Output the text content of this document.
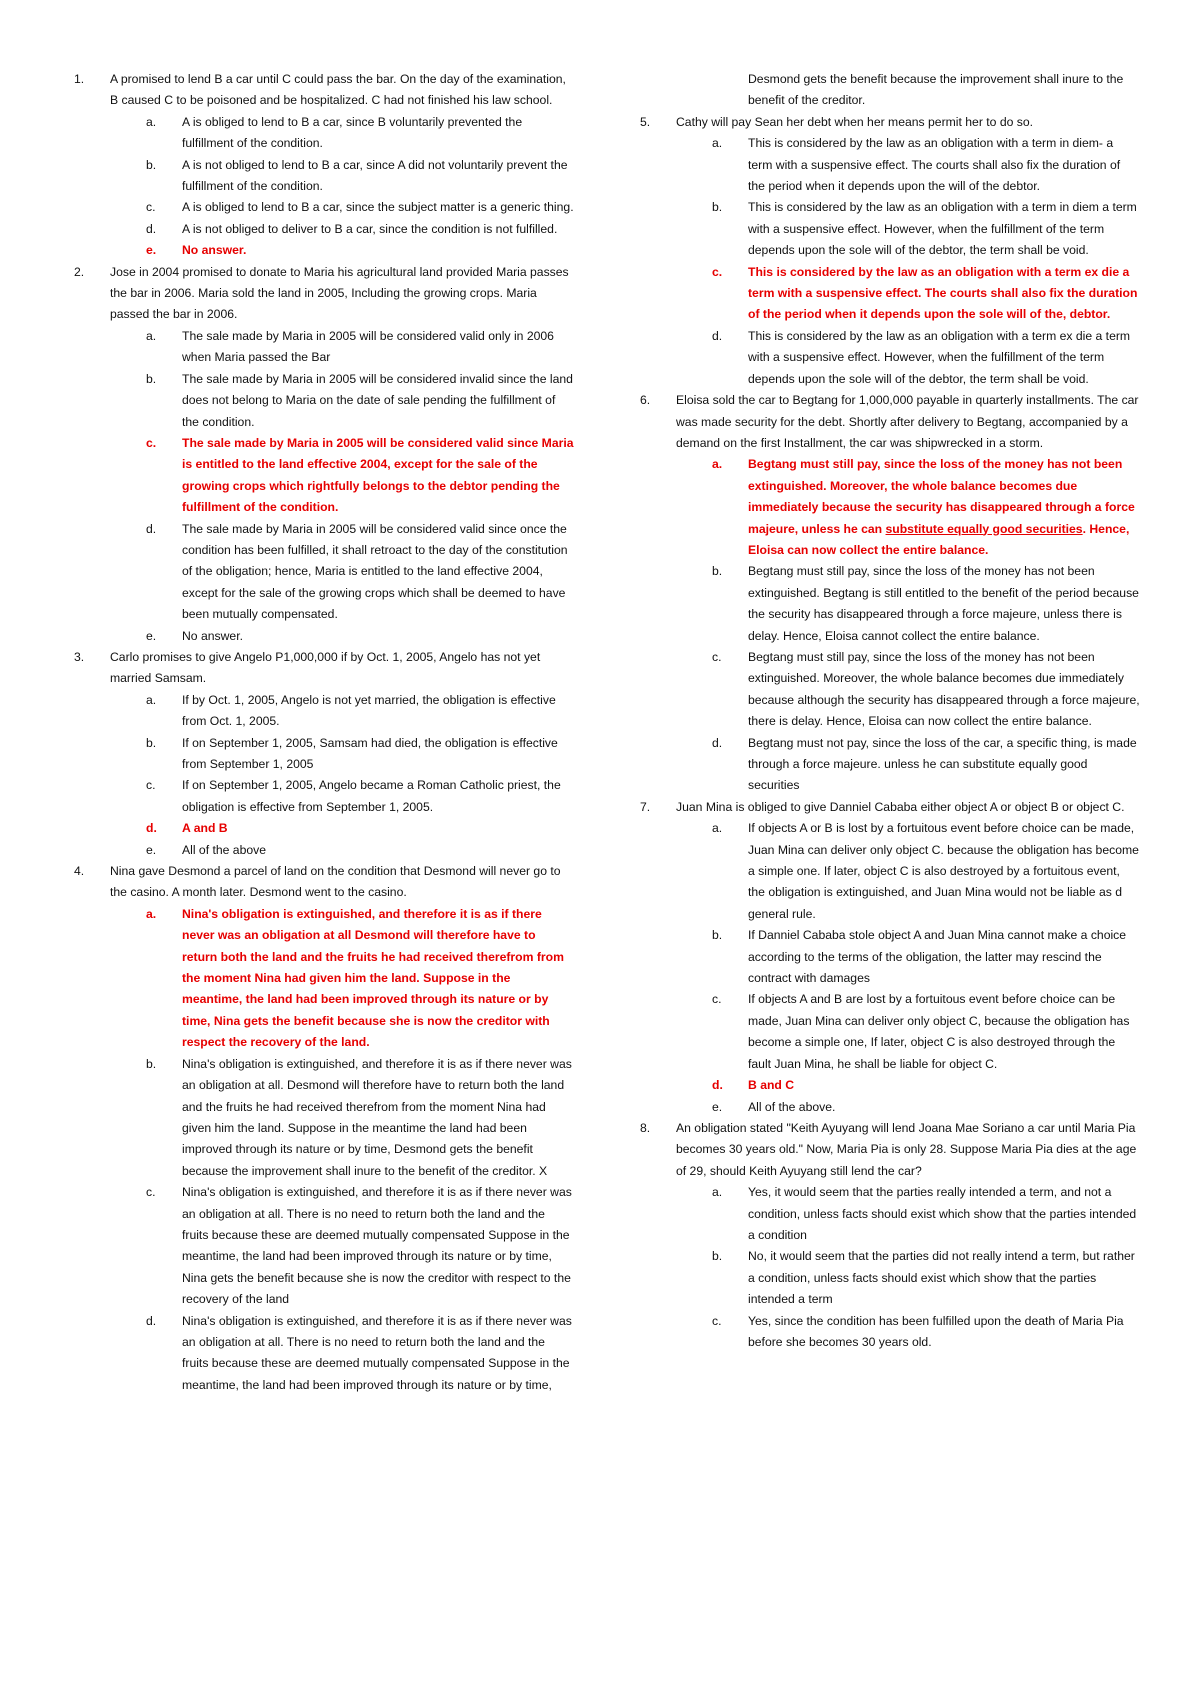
1.	A promised to lend B a car until C could pass the bar. On the day of the examination, B caused C to be poisoned and be hospitalized. C had not finished his law school.
a.	A is obliged to lend to B a car, since B voluntarily prevented the fulfillment of the condition.
b.	A is not obliged to lend to B a car, since A did not voluntarily prevent the fulfillment of the condition.
c.	A is obliged to lend to B a car, since the subject matter is a generic thing.
d.	A is not obliged to deliver to B a car, since the condition is not fulfilled.
e.	No answer.
2.	Jose in 2004 promised to donate to Maria his agricultural land provided Maria passes the bar in 2006. Maria sold the land in 2005, Including the growing crops. Maria passed the bar in 2006.
a.	The sale made by Maria in 2005 will be considered valid only in 2006 when Maria passed the Bar
b.	The sale made by Maria in 2005 will be considered invalid since the land does not belong to Maria on the date of sale pending the fulfillment of the condition.
c.	The sale made by Maria in 2005 will be considered valid since Maria is entitled to the land effective 2004, except for the sale of the growing crops which rightfully belongs to the debtor pending the fulfillment of the condition.
d.	The sale made by Maria in 2005 will be considered valid since once the condition has been fulfilled, it shall retroact to the day of the constitution of the obligation; hence, Maria is entitled to the land effective 2004, except for the sale of the growing crops which shall be deemed to have been mutually compensated.
e.	No answer.
3.	Carlo promises to give Angelo P1,000,000 if by Oct. 1, 2005, Angelo has not yet married Samsam.
a.	If by Oct. 1, 2005, Angelo is not yet married, the obligation is effective from Oct. 1, 2005.
b.	If on September 1, 2005, Samsam had died, the obligation is effective from September 1, 2005
c.	If on September 1, 2005, Angelo became a Roman Catholic priest, the obligation is effective from September 1, 2005.
d.	A and B
e.	All of the above
4.	Nina gave Desmond a parcel of land on the condition that Desmond will never go to the casino. A month later. Desmond went to the casino.
a.	Nina's obligation is extinguished, and therefore it is as if there never was an obligation at all Desmond will therefore have to return both the land and the fruits he had received therefrom from the moment Nina had given him the land. Suppose in the meantime, the land had been improved through its nature or by time, Nina gets the benefit because she is now the creditor with respect the recovery of the land.
b.	Nina's obligation is extinguished, and therefore it is as if there never was an obligation at all. Desmond will therefore have to return both the land and the fruits he had received therefrom from the moment Nina had given him the land. Suppose in the meantime the land had been improved through its nature or by time, Desmond gets the benefit because the improvement shall inure to the benefit of the creditor. X
c.	Nina's obligation is extinguished, and therefore it is as if there never was an obligation at all. There is no need to return both the land and the fruits because these are deemed mutually compensated Suppose in the meantime, the land had been improved through its nature or by time, Nina gets the benefit because she is now the creditor with respect to the recovery of the land
d.	Nina's obligation is extinguished, and therefore it is as if there never was an obligation at all. There is no need to return both the land and the fruits because these are deemed mutually compensated Suppose in the meantime, the land had been improved through its nature or by time,
Desmond gets the benefit because the improvement shall inure to the benefit of the creditor.
5.	Cathy will pay Sean her debt when her means permit her to do so.
a.	This is considered by the law as an obligation with a term in diem- a term with a suspensive effect. The courts shall also fix the duration of the period when it depends upon the will of the debtor.
b.	This is considered by the law as an obligation with a term in diem a term with a suspensive effect. However, when the fulfillment of the term depends upon the sole will of the debtor, the term shall be void.
c.	This is considered by the law as an obligation with a term ex die a term with a suspensive effect. The courts shall also fix the duration of the period when it depends upon the sole will of the, debtor.
d.	This is considered by the law as an obligation with a term ex die a term with a suspensive effect. However, when the fulfillment of the term depends upon the sole will of the debtor, the term shall be void.
6.	Eloisa sold the car to Begtang for 1,000,000 payable in quarterly installments. The car was made security for the debt. Shortly after delivery to Begtang, accompanied by a demand on the first Installment, the car was shipwrecked in a storm.
a.	Begtang must still pay, since the loss of the money has not been extinguished. Moreover, the whole balance becomes due immediately because the security has disappeared through a force majeure, unless he can substitute equally good securities. Hence, Eloisa can now collect the entire balance.
b.	Begtang must still pay, since the loss of the money has not been extinguished. Begtang is still entitled to the benefit of the period because the security has disappeared through a force majeure, unless there is delay. Hence, Eloisa cannot collect the entire balance.
c.	Begtang must still pay, since the loss of the money has not been extinguished. Moreover, the whole balance becomes due immediately because although the security has disappeared through a force majeure, there is delay. Hence, Eloisa can now collect the entire balance.
d.	Begtang must not pay, since the loss of the car, a specific thing, is made through a force majeure. unless he can substitute equally good securities
7.	Juan Mina is obliged to give Danniel Cababa either object A or object B or object C.
a.	If objects A or B is lost by a fortuitous event before choice can be made, Juan Mina can deliver only object C. because the obligation has become a simple one. If later, object C is also destroyed by a fortuitous event, the obligation is extinguished, and Juan Mina would not be liable as d general rule.
b.	If Danniel Cababa stole object A and Juan Mina cannot make a choice according to the terms of the obligation, the latter may rescind the contract with damages
c.	If objects A and B are lost by a fortuitous event before choice can be made, Juan Mina can deliver only object C, because the obligation has become a simple one, If later, object C is also destroyed through the fault Juan Mina, he shall be liable for object C.
d.	B and C
e.	All of the above.
8.	An obligation stated "Keith Ayuyang will lend Joana Mae Soriano a car until Maria Pia becomes 30 years old." Now, Maria Pia is only 28. Suppose Maria Pia dies at the age of 29, should Keith Ayuyang still lend the car?
a.	Yes, it would seem that the parties really intended a term, and not a condition, unless facts should exist which show that the parties intended a condition
b.	No, it would seem that the parties did not really intend a term, but rather a condition, unless facts should exist which show that the parties intended a term
c.	Yes, since the condition has been fulfilled upon the death of Maria Pia before she becomes 30 years old.
